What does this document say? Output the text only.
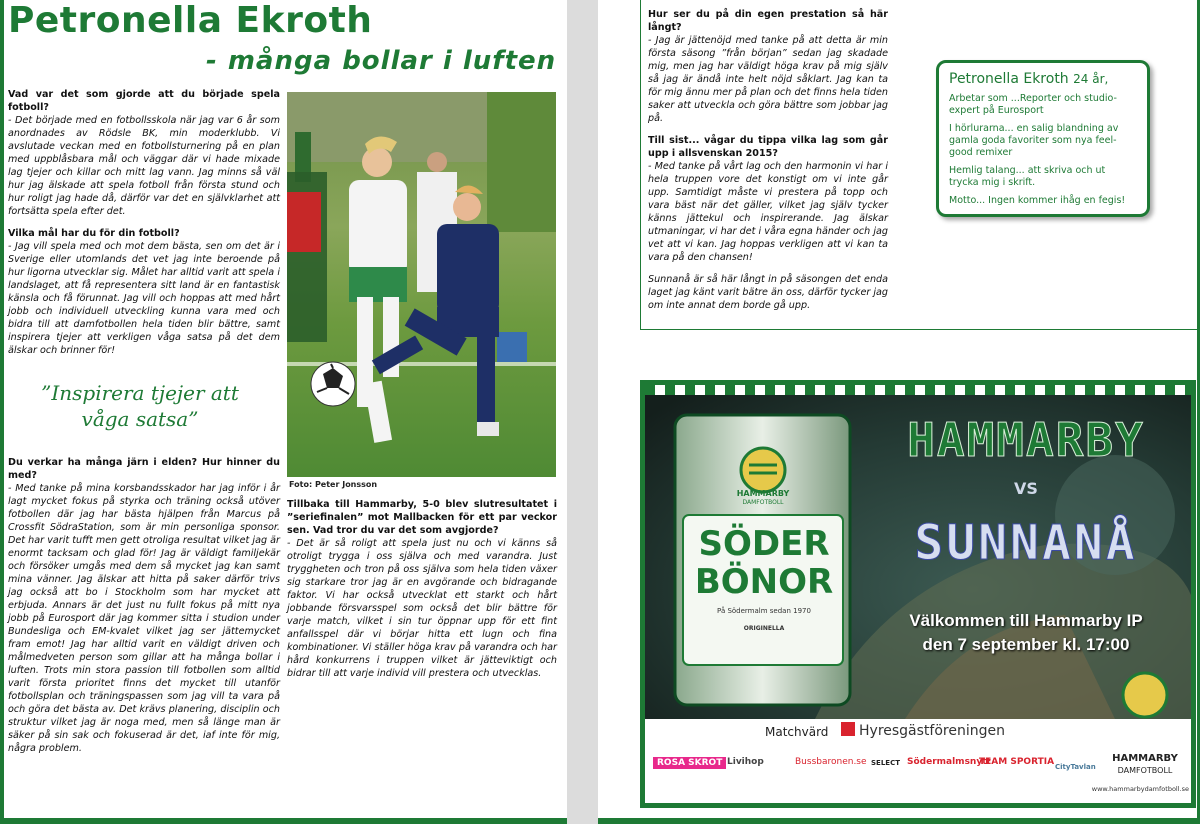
Petronella Ekroth
- många bollar i luften
Vad var det som gjorde att du började spela fotboll?
- Det började med en fotbollsskola när jag var 6 år som anordnades av Rödsle BK, min moderklubb. Vi avslutade veckan med en fotbollsturnering på en plan med uppblåsbara mål och väggar där vi hade mixade lag tjejer och killar och mitt lag vann. Jag minns så väl hur jag älskade att spela fotboll från första stund och hur roligt jag hade då, därför var det en självklarhet att fortsätta spela efter det.
Vilka mål har du för din fotboll?
- Jag vill spela med och mot dem bästa, sen om det är i Sverige eller utomlands det vet jag inte beroende på hur ligorna utvecklar sig. Målet har alltid varit att spela i landslaget, att få representera sitt land är en fantastisk känsla och få förunnat. Jag vill och hoppas att med hårt jobb och individuell utveckling kunna vara med och bidra till att damfotbollen hela tiden blir bättre, samt inspirera tjejer att verkligen våga satsa på det dem älskar och brinner för!
”Inspirera tjejer att våga satsa”
Du verkar ha många järn i elden? Hur hinner du med?
- Med tanke på mina korsbandsskador har jag inför i år lagt mycket fokus på styrka och träning också utöver fotbollen där jag har bästa hjälpen från Marcus på Crossfit SödraStation, som är min personliga sponsor. Det har varit tufft men gett otroliga resultat vilket jag är enormt tacksam och glad för! Jag är väldigt familjekär och försöker umgås med dem så mycket jag kan samt mina vänner. Jag älskar att hitta på saker därför trivs jag också att bo i Stockholm som har mycket att erbjuda. Annars är det just nu fullt fokus på mitt nya jobb på Eurosport där jag kommer sitta i studion under Bundesliga och EM-kvalet vilket jag ser jättemycket fram emot! Jag har alltid varit en väldigt driven och målmedveten person som gillar att ha många bollar i luften. Trots min stora passion till fotbollen som alltid varit första prioritet finns det mycket till utanför fotbollsplan och träningspassen som jag vill ta vara på och göra det bästa av. Det krävs planering, disciplin och struktur vilket jag är noga med, men så länge man är säker på sin sak och fokuserad är det, iaf inte för mig, några problem.
Foto: Peter Jonsson
Tillbaka till Hammarby, 5-0 blev slutresultatet i ”seriefinalen” mot Mallbacken för ett par veckor sen. Vad tror du var det som avgjorde?
- Det är så roligt att spela just nu och vi känns så otroligt trygga i oss själva och med varandra. Just tryggheten och tron på oss själva som hela tiden växer sig starkare tror jag är en avgörande och bidragande faktor. Vi har också utvecklat ett starkt och hårt jobbande försvarsspel som också det blir bättre för varje match, vilket i sin tur öppnar upp för ett fint anfallsspel där vi börjar hitta ett lugn och fina kombinationer. Vi ställer höga krav på varandra och har hård konkurrens i truppen vilket är jätteviktigt och bidrar till att varje individ vill prestera och utvecklas.
Hur ser du på din egen prestation så här långt?
- Jag är jättenöjd med tanke på att detta är min första säsong ”från början” sedan jag skadade mig, men jag har väldigt höga krav på mig själv så jag är ändå inte helt nöjd såklart. Jag kan ta för mig ännu mer på plan och det finns hela tiden saker att utveckla och göra bättre som jobbar jag på.
Till sist... vågar du tippa vilka lag som går upp i allsvenskan 2015?
- Med tanke på vårt lag och den harmonin vi har i hela truppen vore det konstigt om vi inte går upp. Samtidigt måste vi prestera på topp och vara bäst när det gäller, vilket jag själv tycker känns jättekul och inspirerande. Jag älskar utmaningar, vi har det i våra egna händer och jag vet att vi kan. Jag hoppas verkligen att vi kan ta vara på den chansen!
Sunnanå är så här långt in på säsongen det enda laget jag känt varit bätre än oss, därför tycker jag om inte annat dem borde gå upp.
Petronella Ekroth 24 år,
Arbetar som ...Reporter och studio-expert på Eurosport
I hörlurarna... en salig blandning av gamla goda favoriter som nya feel-good remixer
Hemlig talang... att skriva och ut trycka mig i skrift.
Motto... Ingen kommer ihåg en fegis!
HAMMARBY
DAMFOTBOLL
SÖDER
BÖNOR
På Södermalm sedan 1970
ORIGINELLA
HAMMARBY
VS
SUNNANÅ
Välkommen till Hammarby IP
den 7 september kl. 17:00
Matchvärd Hyresgästföreningen
ROSA SKROT Livihop	Bussbaronen.se SELECT Södermalmsnytt
TEAM SPORTIA CityTavlan
HAMMARBY
DAMFOTBOLL
www.hammarbydamfotboll.se
